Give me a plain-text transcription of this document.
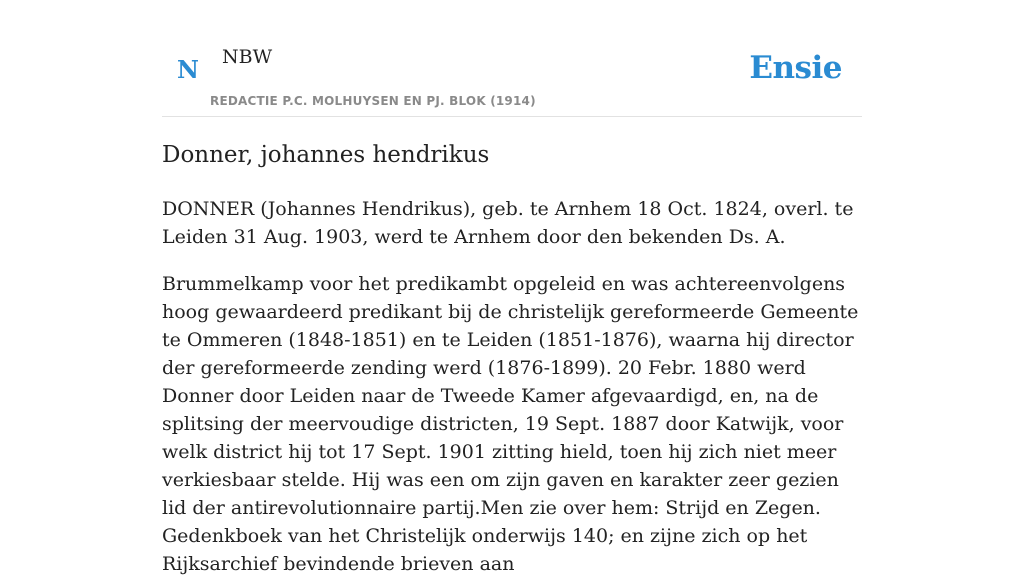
N NBW
REDACTIE P.C. MOLHUYSEN EN PJ. BLOK (1914)
Ensie
Donner, johannes hendrikus

DONNER (Johannes Hendrikus), geb. te Arnhem 18 Oct. 1824, overl. te Leiden 31 Aug. 1903, werd te Arnhem door den bekenden Ds. A.

Brummelkamp voor het predikambt opgeleid en was achtereenvolgens hoog gewaardeerd predikant bij de christelijk gereformeerde Gemeente te Ommeren (1848-1851) en te Leiden (1851-1876), waarna hij director der gereformeerde zending werd (1876-1899). 20 Febr. 1880 werd Donner door Leiden naar de Tweede Kamer afgevaardigd, en, na de splitsing der meervoudige districten, 19 Sept. 1887 door Katwijk, voor welk district hij tot 17 Sept. 1901 zitting hield, toen hij zich niet meer verkiesbaar stelde. Hij was een om zijn gaven en karakter zeer gezien lid der antirevolutionnaire partij.Men zie over hem: Strijd en Zegen. Gedenkboek van het Christelijk onderwijs 140; en zijne zich op het Rijksarchief bevindende brieven aan
